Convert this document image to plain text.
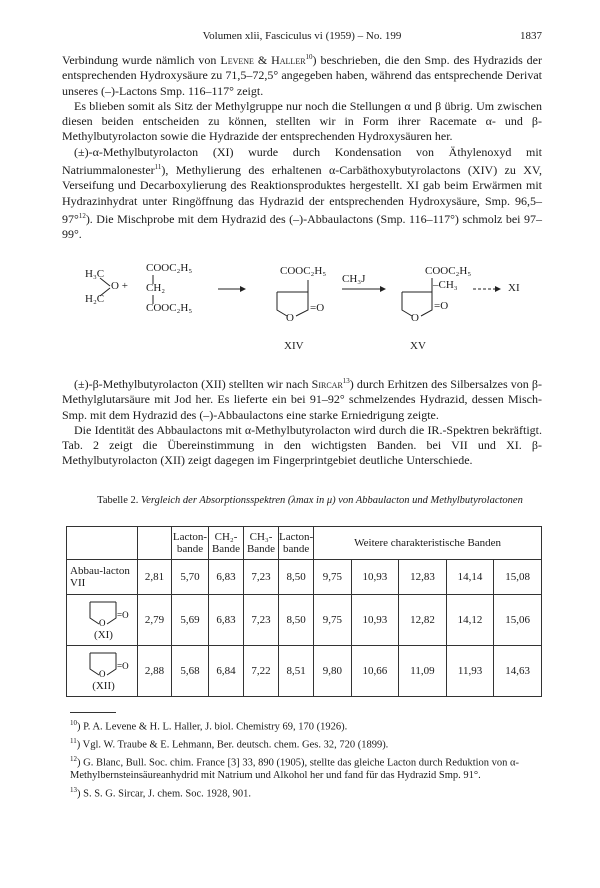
Volumen xlii, Fasciculus vi (1959) – No. 199	1837

Verbindung wurde nämlich von Levene & Haller$^{10}$) beschrieben, die den Smp. des Hydrazids der entsprechenden Hydroxysäure zu 71,5–72,5° angegeben haben, während das entsprechende Derivat unseres (–)-Lactons Smp. 116–117° zeigt.

Es blieben somit als Sitz der Methylgruppe nur noch die Stellungen α und β übrig. Um zwischen diesen beiden entscheiden zu können, stellten wir in Form ihrer Racemate α- und β-Methylbutyrolacton sowie die Hydrazide der entsprechenden Hydroxysäuren her.

(±)-α-Methylbutyrolacton (XI) wurde durch Kondensation von Äthylenoxyd mit Natriummalonester$^{11}$), Methylierung des erhaltenen α-Carbäthoxybutyrolactons (XIV) zu XV, Verseifung und Decarboxylierung des Reaktionsproduktes hergestellt. XI gab beim Erwärmen mit Hydrazinhydrat unter Ringöffnung das Hydrazid der entsprechenden Hydroxysäure, Smp. 96,5–97°$^{12}$). Die Mischprobe mit dem Hydrazid des (–)-Abbaulactons (Smp. 116–117°) schmolz bei 97–99°.

H₃C
H₂C
O +
COOC₂H₅
CH₂
COOC₂H₅
COOC₂H₅
O
=O
CH₃J
COOC₂H₅
–CH₃
O
=O
XI
XIV	XV

(±)-β-Methylbutyrolacton (XII) stellten wir nach Sircar$^{13}$) durch Erhitzen des Silbersalzes von β-Methylglutarsäure mit Jod her. Es lieferte ein bei 91–92° schmelzendes Hydrazid, dessen Misch-Smp. mit dem Hydrazid des (–)-Abbaulactons eine starke Erniedrigung zeigte.

Die Identität des Abbaulactons mit α-Methylbutyrolacton wird durch die IR.-Spektren bekräftigt. Tab. 2 zeigt die Übereinstimmung in den wichtigsten Banden. bei VII und XI. β-Methylbutyrolacton (XII) zeigt dagegen im Fingerprintgebiet deutliche Unterschiede.

Tabelle 2. Vergleich der Absorptionsspektren (λmax in μ) von Abbaulacton und Methylbutyrolactonen
		Lacton-bande	CH₂-Bande	CH₃-Bande	Lacton-bande	Weitere charakteristische Banden				
Abbau-lacton VII	2,81	5,70	6,83	7,23	8,50	9,75	10,93	12,83	14,14	15,08

O
=O
(XI)	2,79	5,69	6,83	7,23	8,50	9,75	10,93	12,82	14,12	15,06

O
=O
(XII)	2,88	5,68	6,84	7,22	8,51	9,80	10,66	11,09	11,93	14,63

$^{10}$) P. A. Levene & H. L. Haller, J. biol. Chemistry 69, 170 (1926).

$^{11}$) Vgl. W. Traube & E. Lehmann, Ber. deutsch. chem. Ges. 32, 720 (1899).

$^{12}$) G. Blanc, Bull. Soc. chim. France [3] 33, 890 (1905), stellte das gleiche Lacton durch Reduktion von α-Methylbernsteinsäureanhydrid mit Natrium und Alkohol her und fand für das Hydrazid Smp. 91°.

$^{13}$) S. S. G. Sircar, J. chem. Soc. 1928, 901.
